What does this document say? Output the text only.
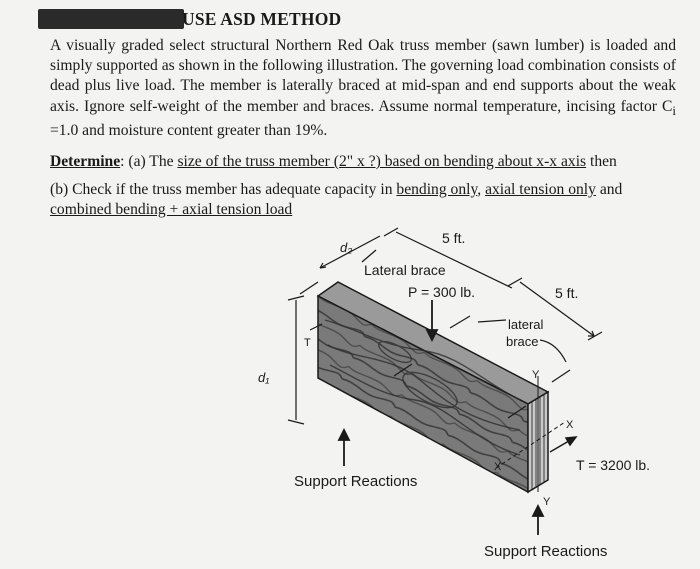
USE ASD METHOD
A visually graded select structural Northern Red Oak truss member (sawn lumber) is loaded and simply supported as shown in the following illustration. The governing load combination consists of dead plus live load. The member is laterally braced at mid-span and end supports about the weak axis. Ignore self-weight of the member and braces. Assume normal temperature, incising factor $C_i =1.0$ and moisture content greater than 19%.
Determine: (a) The size of the truss member (2" x ?) based on bending about x-x axis then
(b) Check if the truss member has adequate capacity in bending only, axial tension only and
combined bending + axial tension load
X
X
Y
Y
5 ft.
5 ft.
d₂
Lateral brace
P = 300 lb.
lateral
brace
d₁
T
Support Reactions
Support Reactions
T = 3200 lb.
